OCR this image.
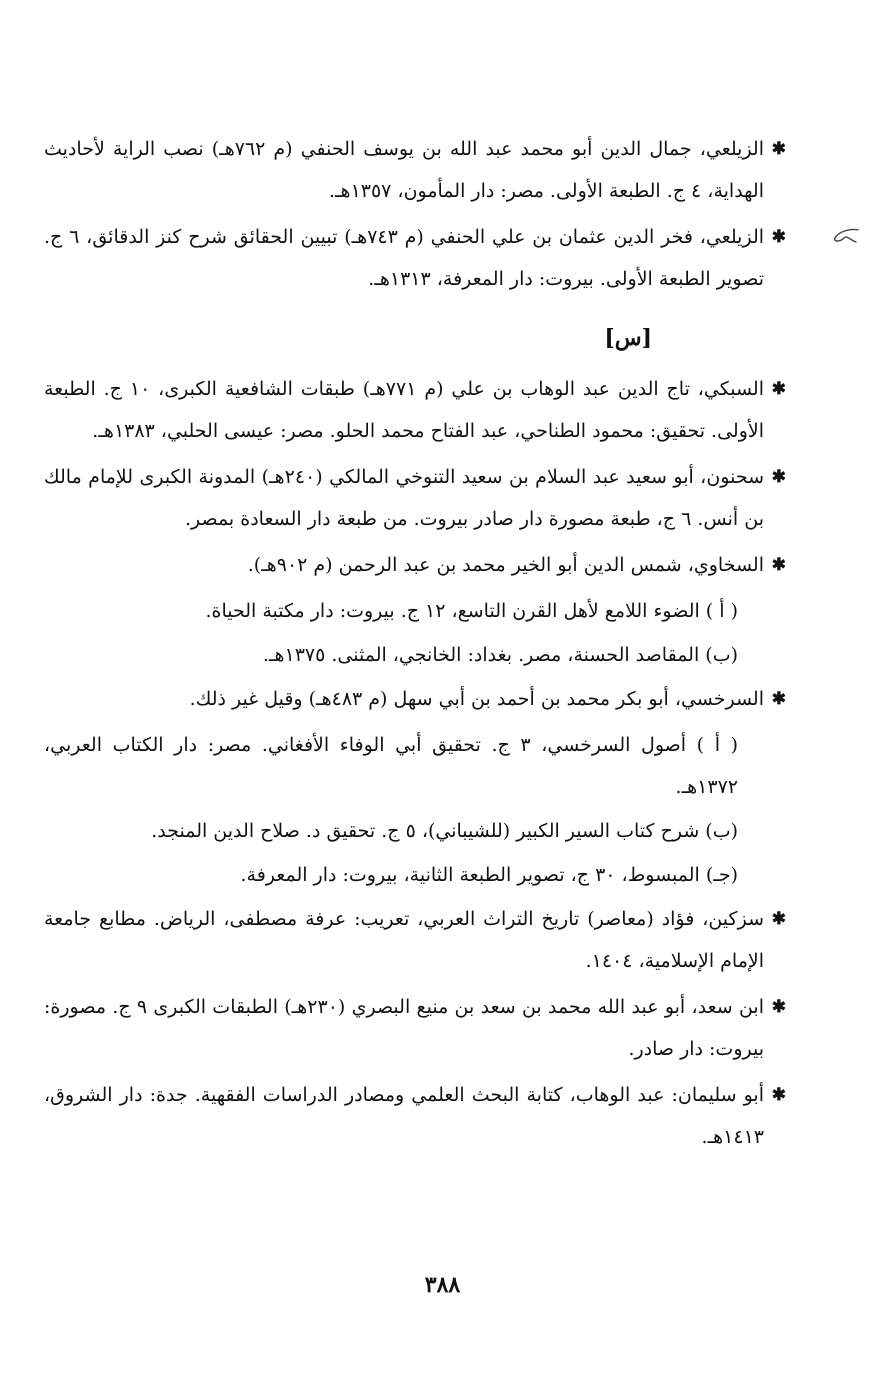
✱
الزيلعي، جمال الدين أبو محمد عبد الله بن يوسف الحنفي (م ٧٦٢هـ) نصب الراية لأحاديث الهداية، ٤ ج. الطبعة الأولى. مصر: دار المأمون، ١٣٥٧هـ.
✱
الزيلعي، فخر الدين عثمان بن علي الحنفي (م ٧٤٣هـ) تبيين الحقائق شرح كنز الدقائق، ٦ ج. تصوير الطبعة الأولى. بيروت: دار المعرفة، ١٣١٣هـ.
[س]
✱
السبكي، تاج الدين عبد الوهاب بن علي (م ٧٧١هـ) طبقات الشافعية الكبرى، ١٠ ج. الطبعة الأولى. تحقيق: محمود الطناحي، عبد الفتاح محمد الحلو. مصر: عيسى الحلبي، ١٣٨٣هـ.
✱
سحنون، أبو سعيد عبد السلام بن سعيد التنوخي المالكي (٢٤٠هـ) المدونة الكبرى للإمام مالك بن أنس. ٦ ج، طبعة مصورة دار صادر بيروت. من طبعة دار السعادة بمصر.
✱
السخاوي، شمس الدين أبو الخير محمد بن عبد الرحمن (م ٩٠٢هـ).
( أ ) الضوء اللامع لأهل القرن التاسع، ١٢ ج. بيروت: دار مكتبة الحياة.
(ب) المقاصد الحسنة، مصر. بغداد: الخانجي، المثنى. ١٣٧٥هـ.
✱
السرخسي، أبو بكر محمد بن أحمد بن أبي سهل (م ٤٨٣هـ) وقيل غير ذلك.
( أ ) أصول السرخسي، ٣ ج. تحقيق أبي الوفاء الأفغاني. مصر: دار الكتاب العربي، ١٣٧٢هـ.
(ب) شرح كتاب السير الكبير (للشيباني)، ٥ ج. تحقيق د. صلاح الدين المنجد.
(جـ) المبسوط، ٣٠ ج، تصوير الطبعة الثانية، بيروت: دار المعرفة.
✱
سزكين، فؤاد (معاصر) تاريخ التراث العربي، تعريب: عرفة مصطفى، الرياض. مطابع جامعة الإمام الإسلامية، ١٤٠٤.
✱
ابن سعد، أبو عبد الله محمد بن سعد بن منيع البصري (٢٣٠هـ) الطبقات الكبرى ٩ ج. مصورة: بيروت: دار صادر.
✱
أبو سليمان: عبد الوهاب، كتابة البحث العلمي ومصادر الدراسات الفقهية. جدة: دار الشروق، ١٤١٣هـ.
٣٨٨
